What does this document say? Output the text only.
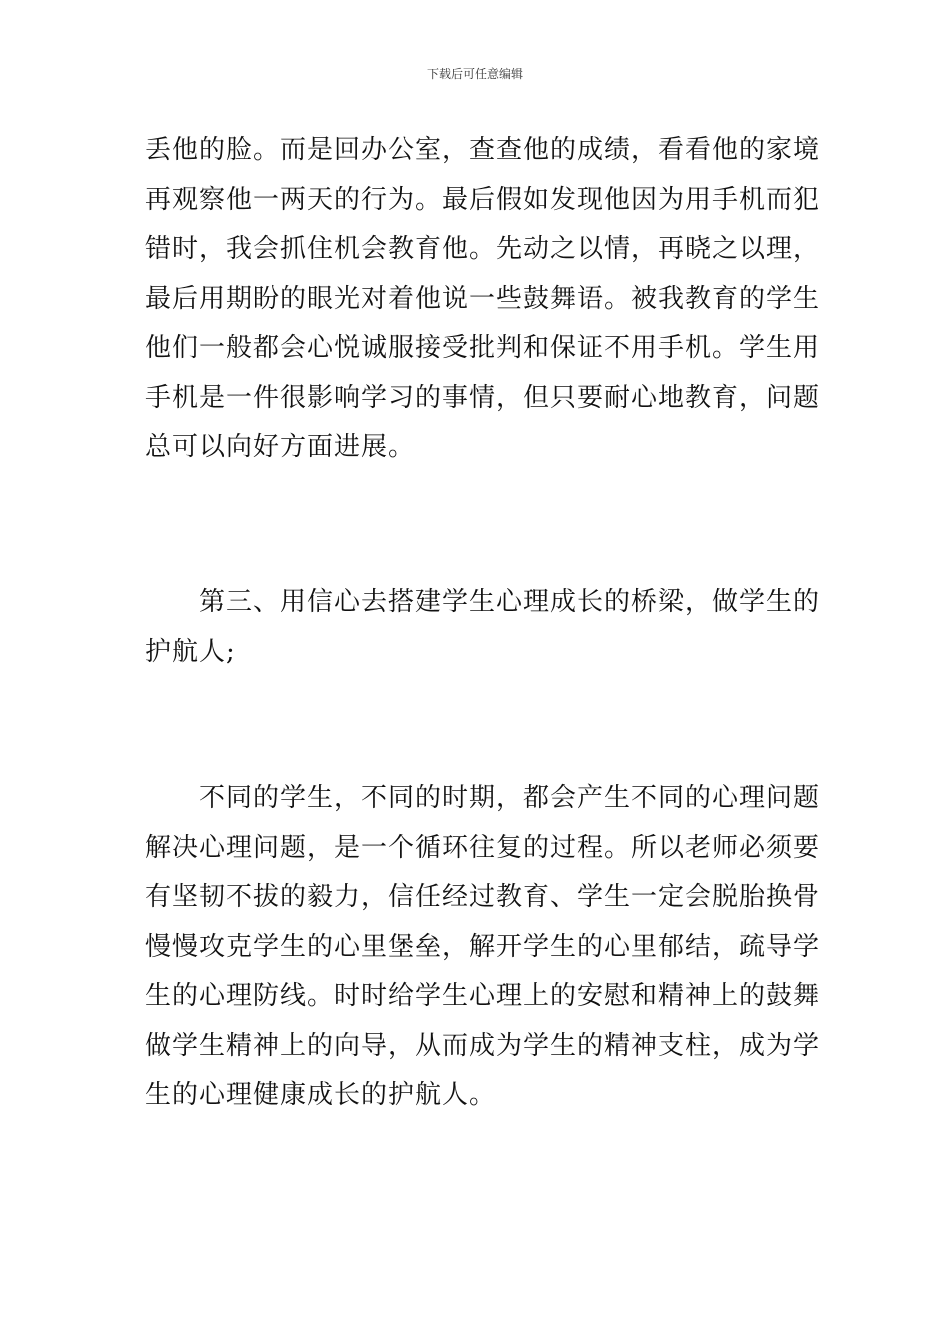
下载后可任意编辑
丢他的脸。而是回办公室，查查他的成绩，看看他的家境
再观察他一两天的行为。最后假如发现他因为用手机而犯
错时，我会抓住机会教育他。先动之以情，再晓之以理，
最后用期盼的眼光对着他说一些鼓舞语。被我教育的学生
他们一般都会心悦诚服接受批判和保证不用手机。学生用
手机是一件很影响学习的事情，但只要耐心地教育，问题
总可以向好方面进展。
第三、用信心去搭建学生心理成长的桥梁，做学生的
护航人;
不同的学生，不同的时期，都会产生不同的心理问题
解决心理问题，是一个循环往复的过程。所以老师必须要
有坚韧不拔的毅力，信任经过教育、学生一定会脱胎换骨
慢慢攻克学生的心里堡垒，解开学生的心里郁结，疏导学
生的心理防线。时时给学生心理上的安慰和精神上的鼓舞
做学生精神上的向导，从而成为学生的精神支柱，成为学
生的心理健康成长的护航人。
